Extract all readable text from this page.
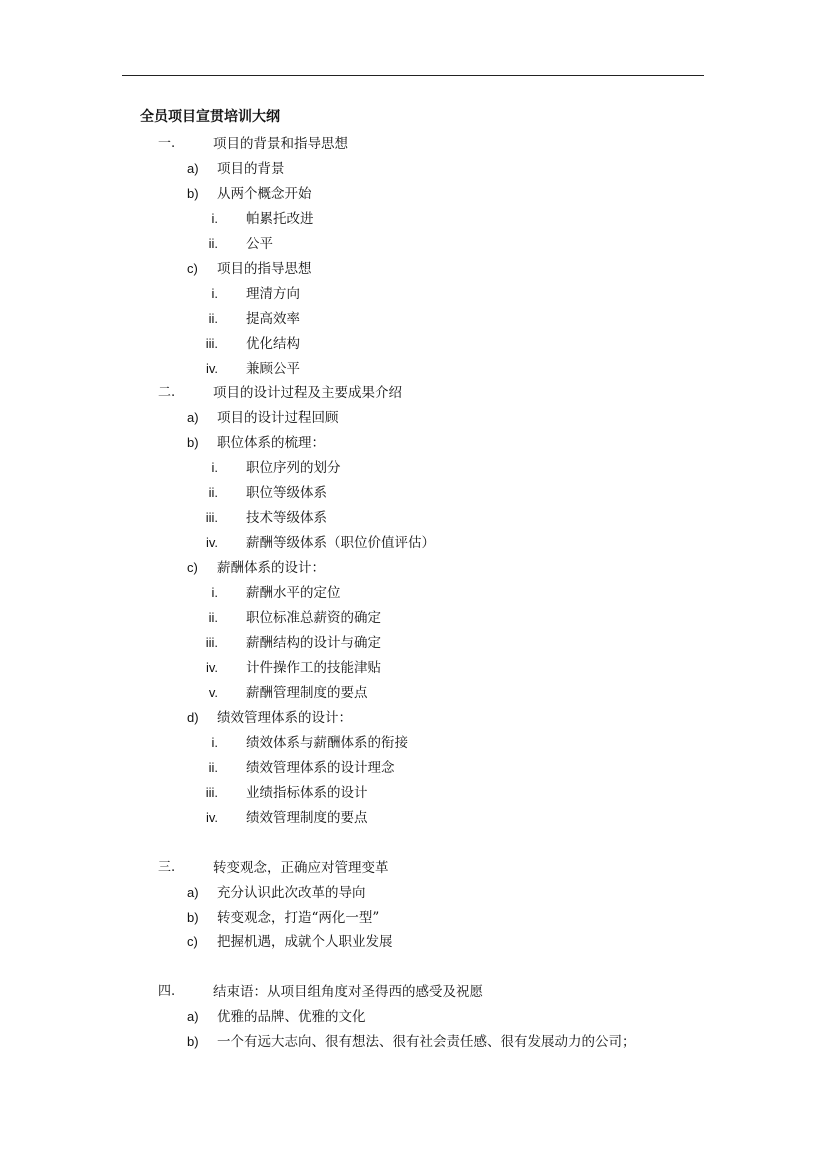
全员项目宣贯培训大纲
一.	项目的背景和指导思想
a) 项目的背景
b) 从两个概念开始
i. 帕累托改进
ii. 公平
c) 项目的指导思想
i. 理清方向
ii. 提高效率
iii. 优化结构
iv. 兼顾公平
二.	项目的设计过程及主要成果介绍
a) 项目的设计过程回顾
b) 职位体系的梳理：
i. 职位序列的划分
ii. 职位等级体系
iii. 技术等级体系
iv. 薪酬等级体系（职位价值评估）
c) 薪酬体系的设计：
i. 薪酬水平的定位
ii. 职位标准总薪资的确定
iii. 薪酬结构的设计与确定
iv. 计件操作工的技能津贴
v. 薪酬管理制度的要点
d) 绩效管理体系的设计：
i. 绩效体系与薪酬体系的衔接
ii. 绩效管理体系的设计理念
iii. 业绩指标体系的设计
iv. 绩效管理制度的要点
三.	转变观念，正确应对管理变革
a) 充分认识此次改革的导向
b) 转变观念，打造“两化一型”
c) 把握机遇，成就个人职业发展
四.	结束语：从项目组角度对圣得西的感受及祝愿
a) 优雅的品牌、优雅的文化
b) 一个有远大志向、很有想法、很有社会责任感、很有发展动力的公司；
